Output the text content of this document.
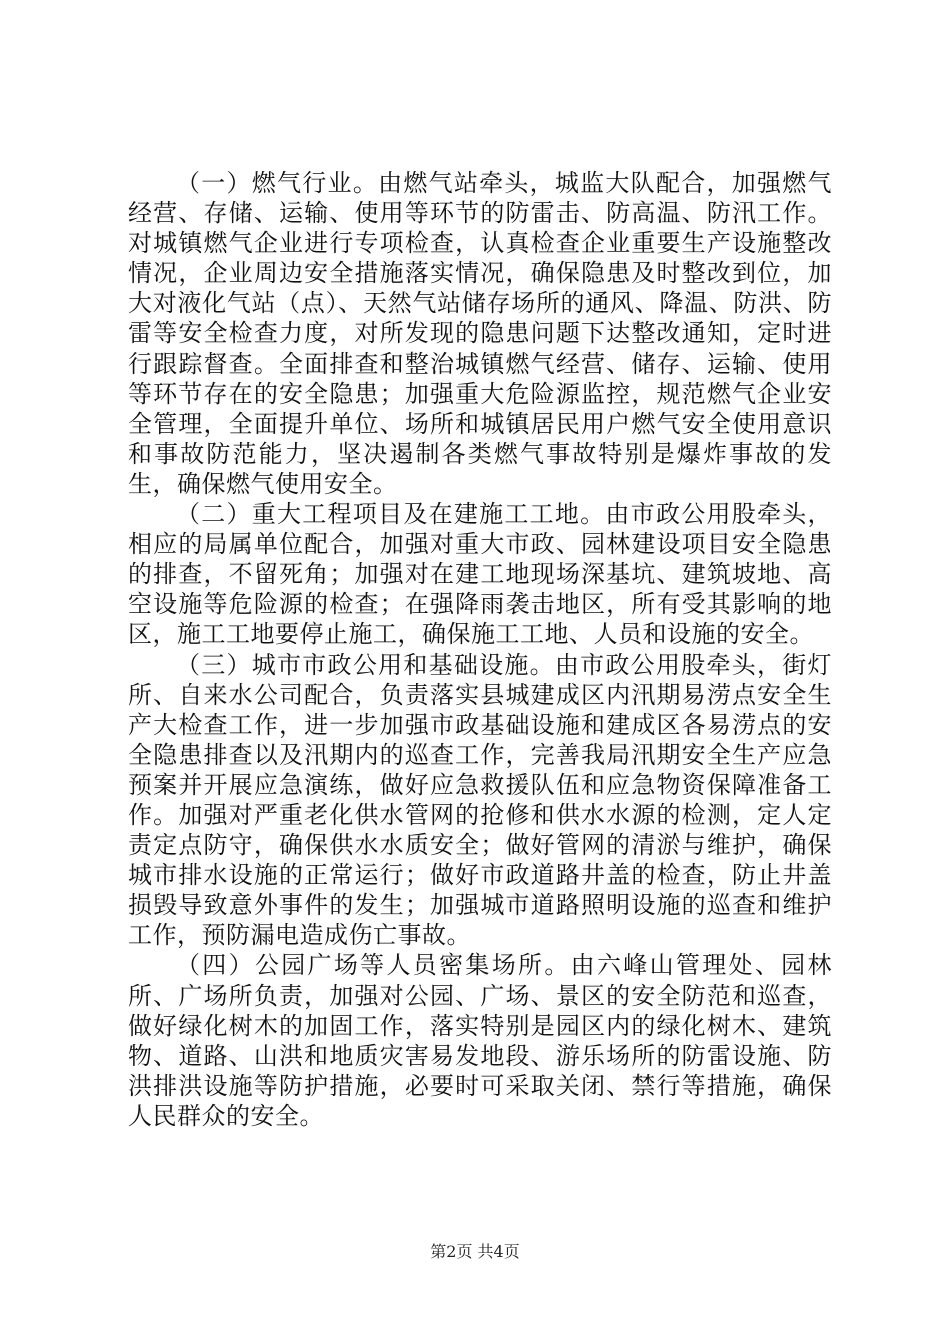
（一）燃气行业。由燃气站牵头，城监大队配合，加强燃气经营、存储、运输、使用等环节的防雷击、防高温、防汛工作。对城镇燃气企业进行专项检查，认真检查企业重要生产设施整改情况，企业周边安全措施落实情况，确保隐患及时整改到位，加大对液化气站（点）、天然气站储存场所的通风、降温、防洪、防雷等安全检查力度，对所发现的隐患问题下达整改通知，定时进行跟踪督查。全面排查和整治城镇燃气经营、储存、运输、使用等环节存在的安全隐患；加强重大危险源监控，规范燃气企业安全管理，全面提升单位、场所和城镇居民用户燃气安全使用意识和事故防范能力，坚决遏制各类燃气事故特别是爆炸事故的发生，确保燃气使用安全。

（二）重大工程项目及在建施工工地。由市政公用股牵头，相应的局属单位配合，加强对重大市政、园林建设项目安全隐患的排查，不留死角；加强对在建工地现场深基坑、建筑坡地、高空设施等危险源的检查；在强降雨袭击地区，所有受其影响的地区，施工工地要停止施工，确保施工工地、人员和设施的安全。

（三）城市市政公用和基础设施。由市政公用股牵头，街灯所、自来水公司配合，负责落实县城建成区内汛期易涝点安全生产大检查工作，进一步加强市政基础设施和建成区各易涝点的安全隐患排查以及汛期内的巡查工作，完善我局汛期安全生产应急预案并开展应急演练，做好应急救援队伍和应急物资保障准备工作。加强对严重老化供水管网的抢修和供水水源的检测，定人定责定点防守，确保供水水质安全；做好管网的清淤与维护，确保城市排水设施的正常运行；做好市政道路井盖的检查，防止井盖损毁导致意外事件的发生；加强城市道路照明设施的巡查和维护工作，预防漏电造成伤亡事故。

（四）公园广场等人员密集场所。由六峰山管理处、园林所、广场所负责，加强对公园、广场、景区的安全防范和巡查，做好绿化树木的加固工作，落实特别是园区内的绿化树木、建筑物、道路、山洪和地质灾害易发地段、游乐场所的防雷设施、防洪排洪设施等防护措施，必要时可采取关闭、禁行等措施，确保人民群众的安全。

第2页 共4页
